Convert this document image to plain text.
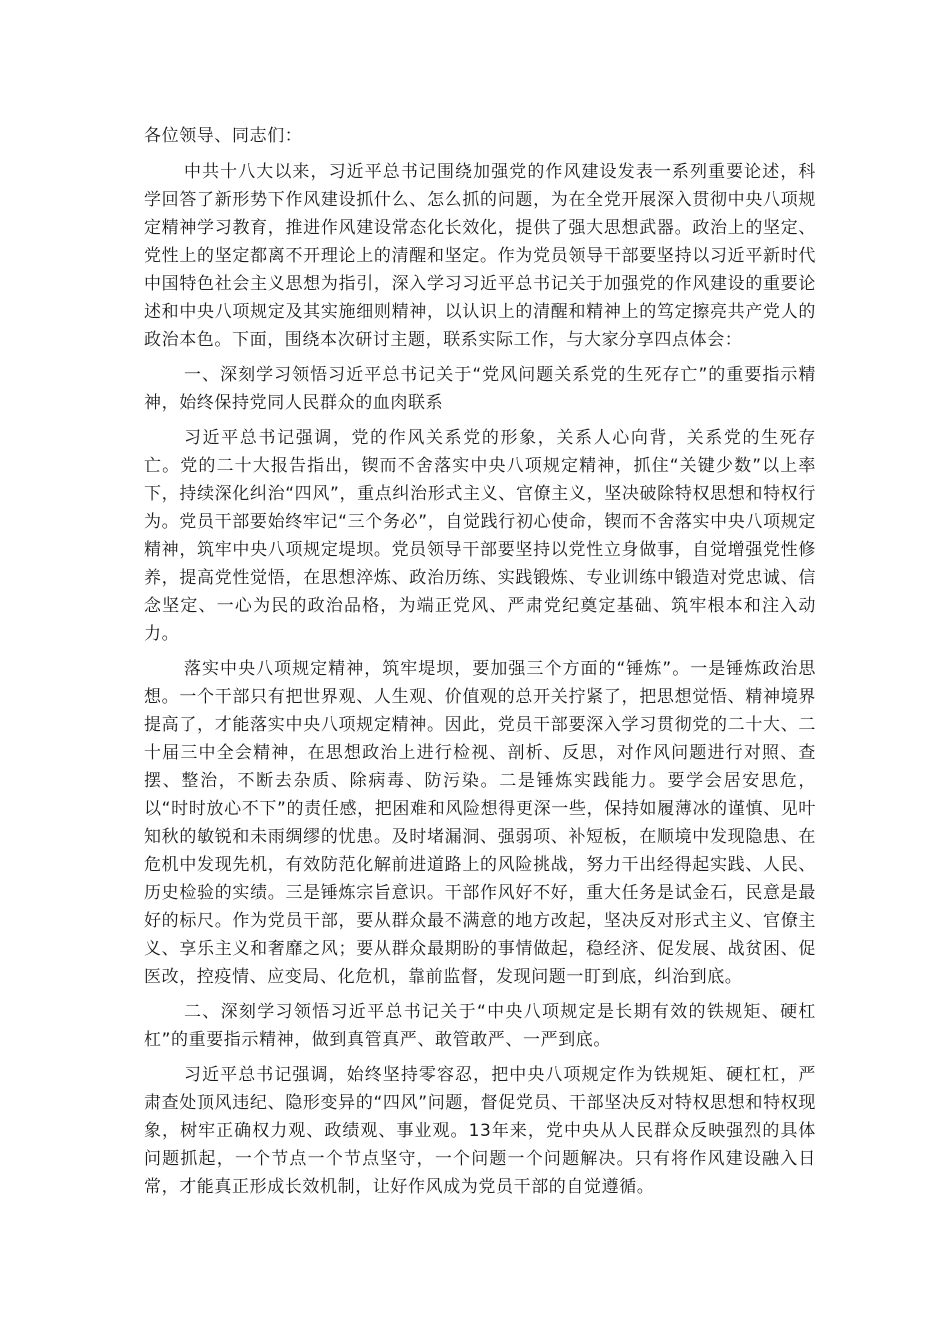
各位领导、同志们：

中共十八大以来，习近平总书记围绕加强党的作风建设发表一系列重要论述，科学回答了新形势下作风建设抓什么、怎么抓的问题，为在全党开展深入贯彻中央八项规定精神学习教育，推进作风建设常态化长效化，提供了强大思想武器。政治上的坚定、党性上的坚定都离不开理论上的清醒和坚定。作为党员领导干部要坚持以习近平新时代中国特色社会主义思想为指引，深入学习习近平总书记关于加强党的作风建设的重要论述和中央八项规定及其实施细则精神，以认识上的清醒和精神上的笃定擦亮共产党人的政治本色。下面，围绕本次研讨主题，联系实际工作，与大家分享四点体会：

一、深刻学习领悟习近平总书记关于“党风问题关系党的生死存亡”的重要指示精神，始终保持党同人民群众的血肉联系

习近平总书记强调，党的作风关系党的形象，关系人心向背，关系党的生死存亡。党的二十大报告指出，锲而不舍落实中央八项规定精神，抓住“关键少数”以上率下，持续深化纠治“四风”，重点纠治形式主义、官僚主义，坚决破除特权思想和特权行为。党员干部要始终牢记“三个务必”，自觉践行初心使命，锲而不舍落实中央八项规定精神，筑牢中央八项规定堤坝。党员领导干部要坚持以党性立身做事，自觉增强党性修养，提高党性觉悟，在思想淬炼、政治历练、实践锻炼、专业训练中锻造对党忠诚、信念坚定、一心为民的政治品格，为端正党风、严肃党纪奠定基础、筑牢根本和注入动力。

落实中央八项规定精神，筑牢堤坝，要加强三个方面的“锤炼”。一是锤炼政治思想。一个干部只有把世界观、人生观、价值观的总开关拧紧了，把思想觉悟、精神境界提高了，才能落实中央八项规定精神。因此，党员干部要深入学习贯彻党的二十大、二十届三中全会精神，在思想政治上进行检视、剖析、反思，对作风问题进行对照、查摆、整治，不断去杂质、除病毒、防污染。二是锤炼实践能力。要学会居安思危，以“时时放心不下”的责任感，把困难和风险想得更深一些，保持如履薄冰的谨慎、见叶知秋的敏锐和未雨绸缪的忧患。及时堵漏洞、强弱项、补短板，在顺境中发现隐患、在危机中发现先机，有效防范化解前进道路上的风险挑战，努力干出经得起实践、人民、历史检验的实绩。三是锤炼宗旨意识。干部作风好不好，重大任务是试金石，民意是最好的标尺。作为党员干部，要从群众最不满意的地方改起，坚决反对形式主义、官僚主义、享乐主义和奢靡之风；要从群众最期盼的事情做起，稳经济、促发展、战贫困、促医改，控疫情、应变局、化危机，靠前监督，发现问题一盯到底，纠治到底。

二、深刻学习领悟习近平总书记关于“中央八项规定是长期有效的铁规矩、硬杠杠”的重要指示精神，做到真管真严、敢管敢严、一严到底。

习近平总书记强调，始终坚持零容忍，把中央八项规定作为铁规矩、硬杠杠，严肃查处顶风违纪、隐形变异的“四风”问题，督促党员、干部坚决反对特权思想和特权现象，树牢正确权力观、政绩观、事业观。13年来，党中央从人民群众反映强烈的具体问题抓起，一个节点一个节点坚守，一个问题一个问题解决。只有将作风建设融入日常，才能真正形成长效机制，让好作风成为党员干部的自觉遵循。
